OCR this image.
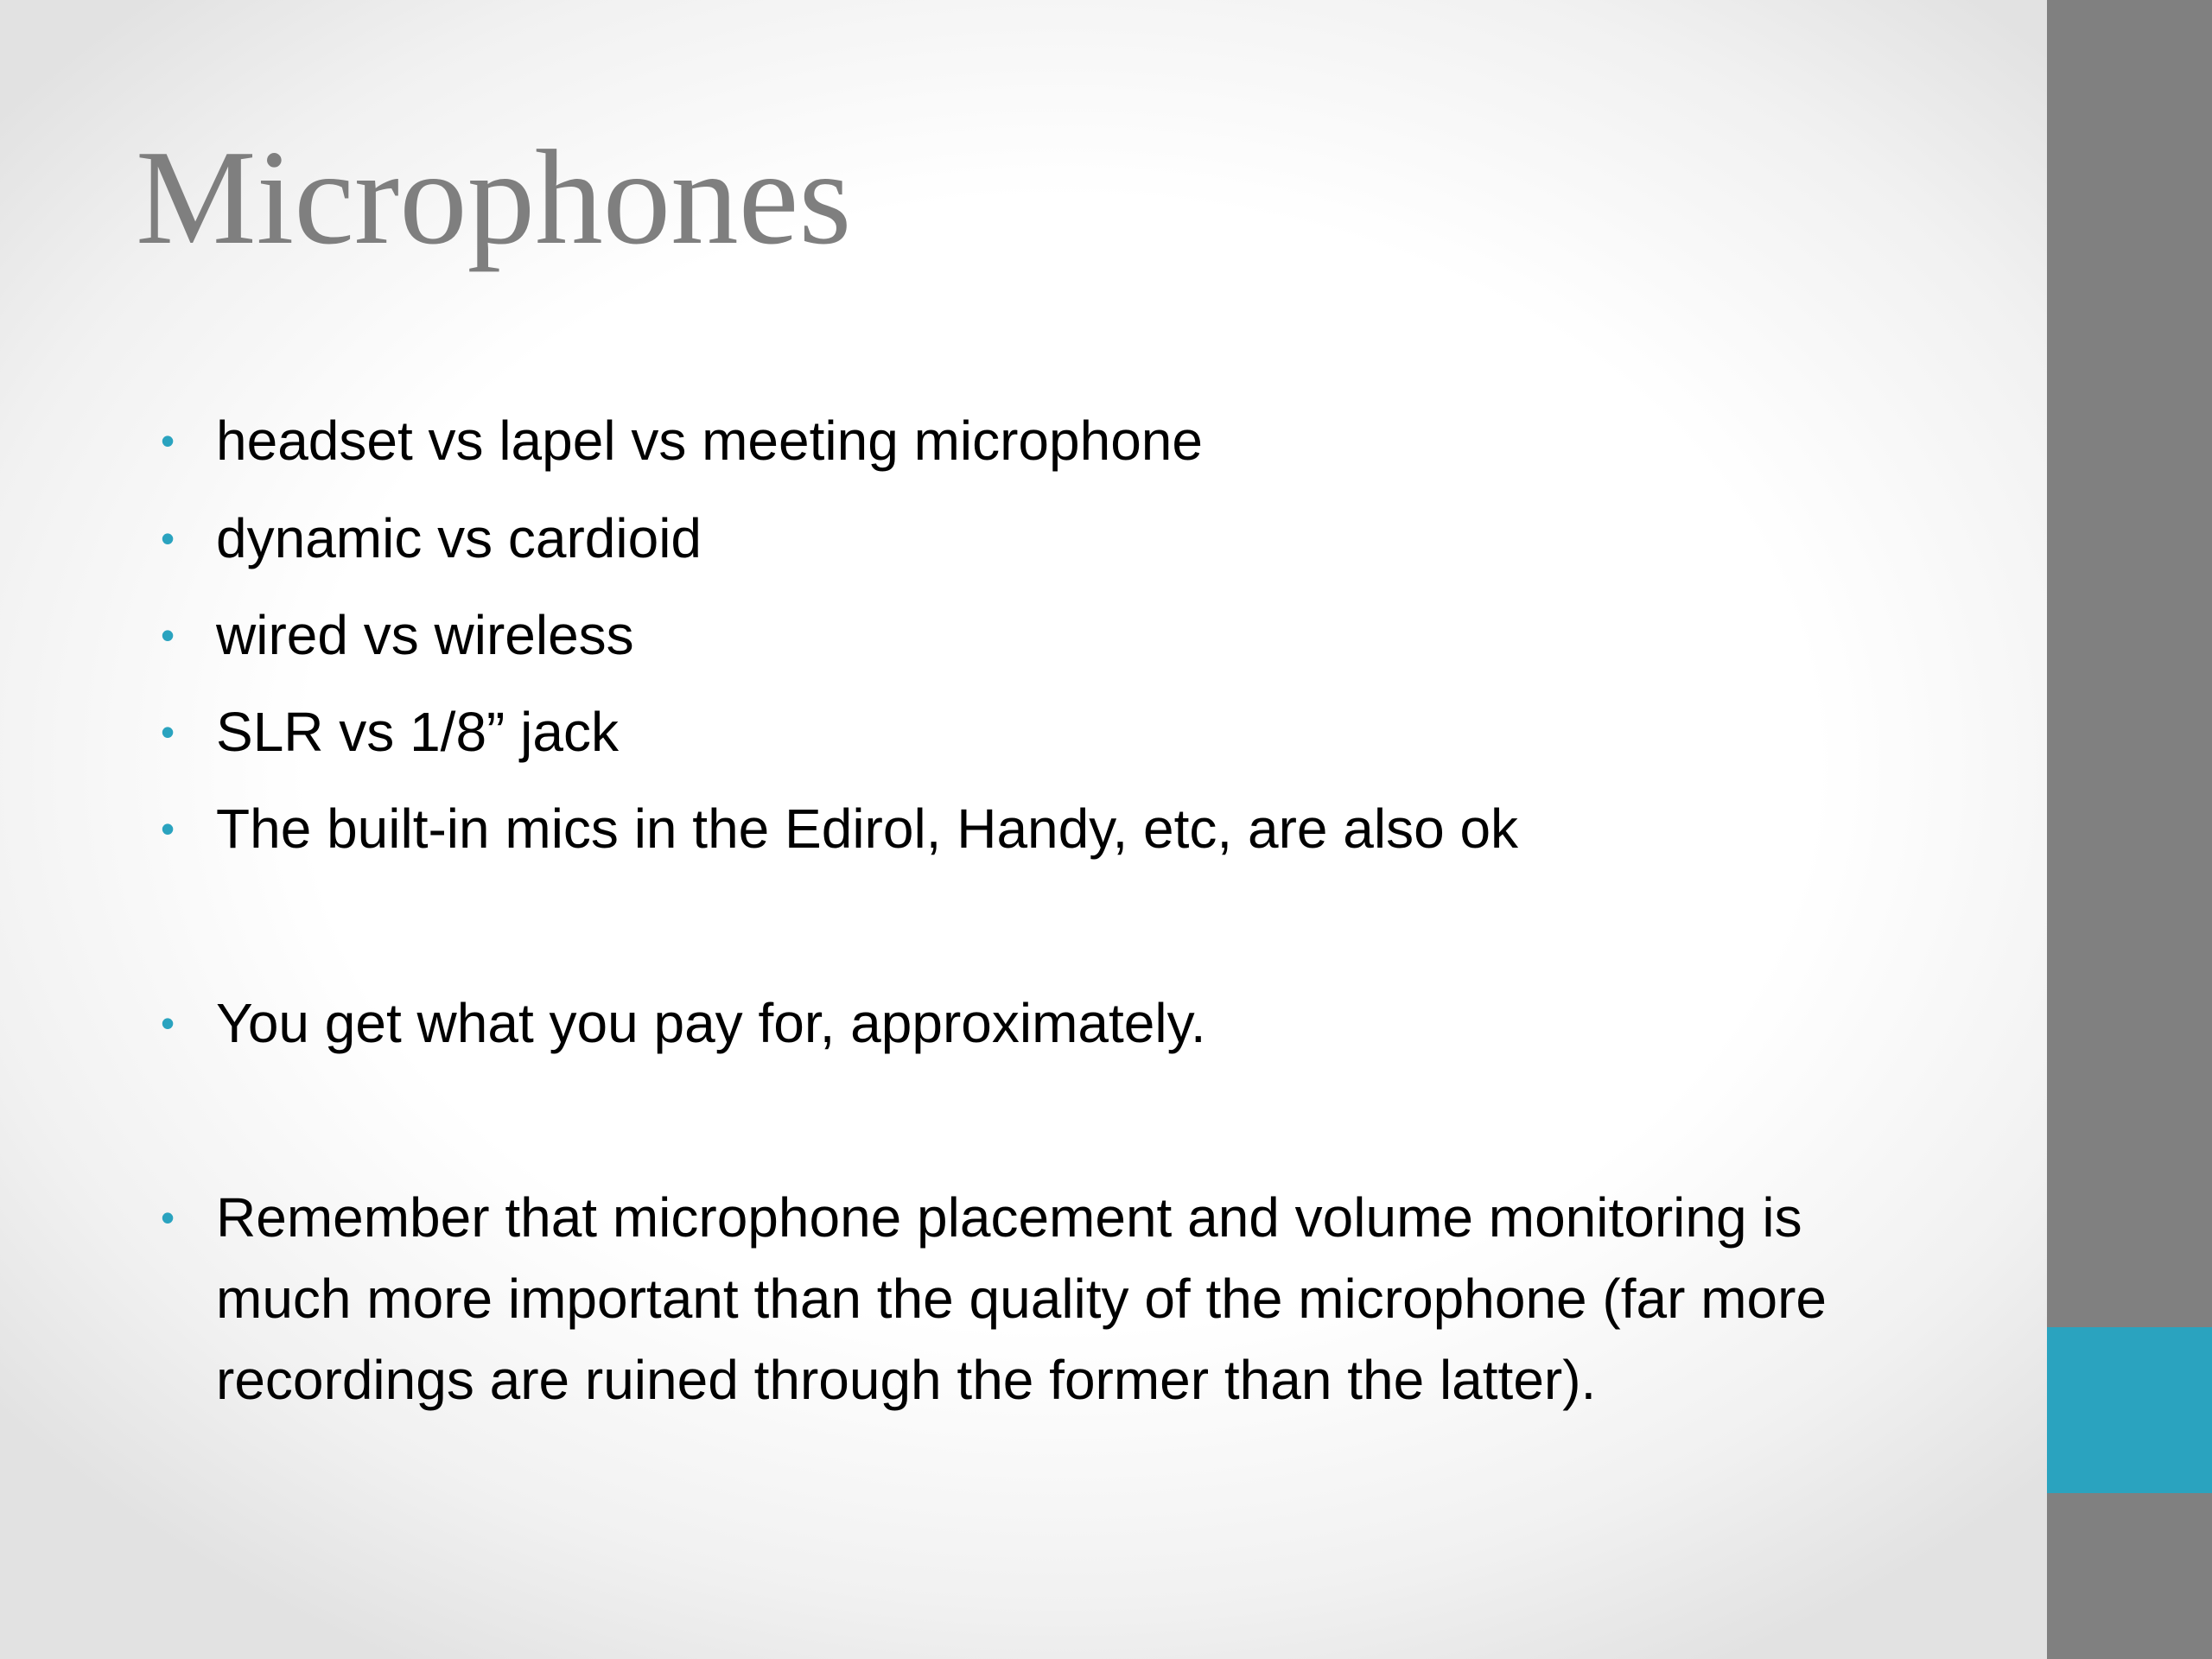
Microphones
• headset vs lapel vs meeting microphone
• dynamic vs cardioid
• wired vs wireless
• SLR vs 1/8” jack
• The built-in mics in the Edirol, Handy, etc, are also ok
• You get what you pay for, approximately.
• Remember that microphone placement and volume monitoring is much more important than the quality of the microphone (far more recordings are ruined through the former than the latter).
